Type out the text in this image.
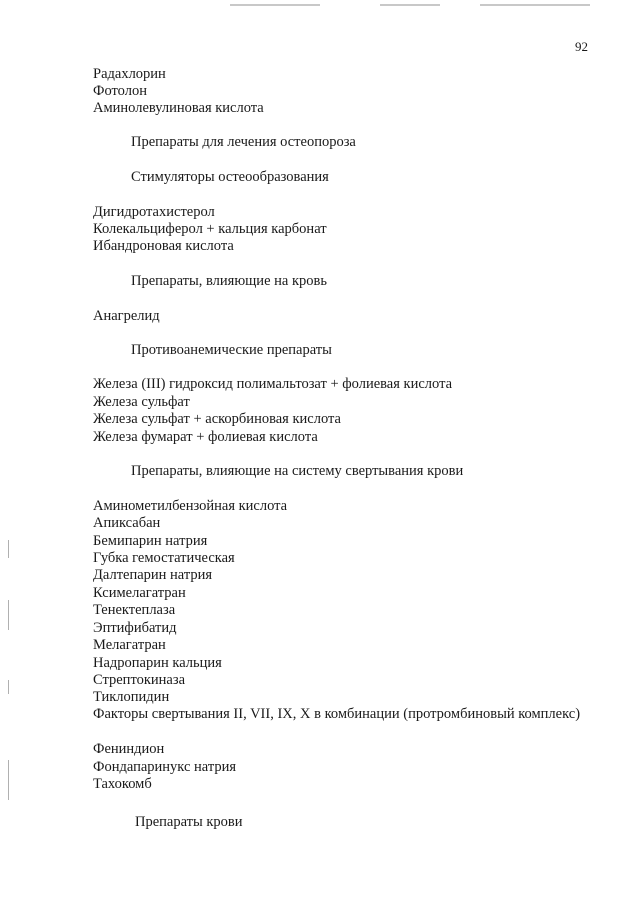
92
Радахлорин
Фотолон
Аминолевулиновая кислота
Препараты для лечения остеопороза
Стимуляторы остеообразования
Дигидротахистерол
Колекальциферол + кальция карбонат
Ибандроновая кислота
Препараты, влияющие на кровь
Анагрелид
Противоанемические препараты
Железа (III) гидроксид полимальтозат + фолиевая кислота
Железа сульфат
Железа сульфат + аскорбиновая кислота
Железа фумарат + фолиевая кислота
Препараты, влияющие на систему свертывания крови
Аминометилбензойная кислота
Апиксабан
Бемипарин натрия
Губка гемостатическая
Далтепарин натрия
Ксимелагатран
Тенектеплаза
Эптифибатид
Мелагатран
Надропарин кальция
Стрептокиназа
Тиклопидин
Факторы свертывания II, VII, IX, X в комбинации (протромбиновый комплекс)
Фениндион
Фондапаринукс натрия
Тахокомб
Препараты крови
